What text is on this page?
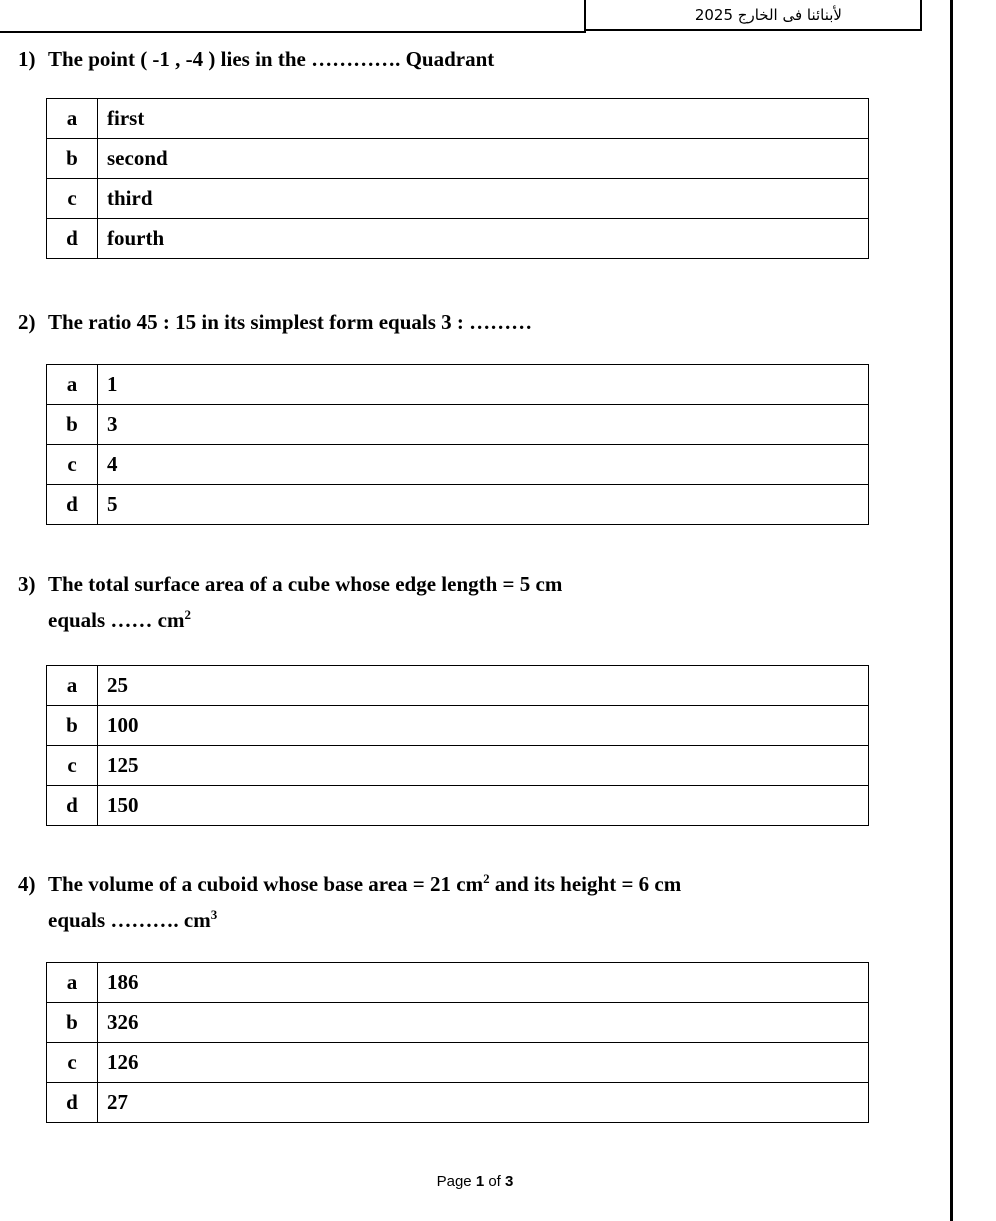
لأبنائنا فى الخارج 2025
1) The point ( -1 , -4 ) lies in the …………. Quadrant
a	first
b	second
c	third
d	fourth
2) The ratio 45 : 15 in its simplest form equals 3 : ………
a	1
b	3
c	4
d	5
3) The total surface area of a cube whose edge length = 5 cm
equals …… $cm^2$
a	25
b	100
c	125
d	150
4) The volume of a cuboid whose base area = 21 $cm^2$ and its height = 6 cm
equals ………. $cm^3$
a	186
b	326
c	126
d	27
Page 1 of 3
